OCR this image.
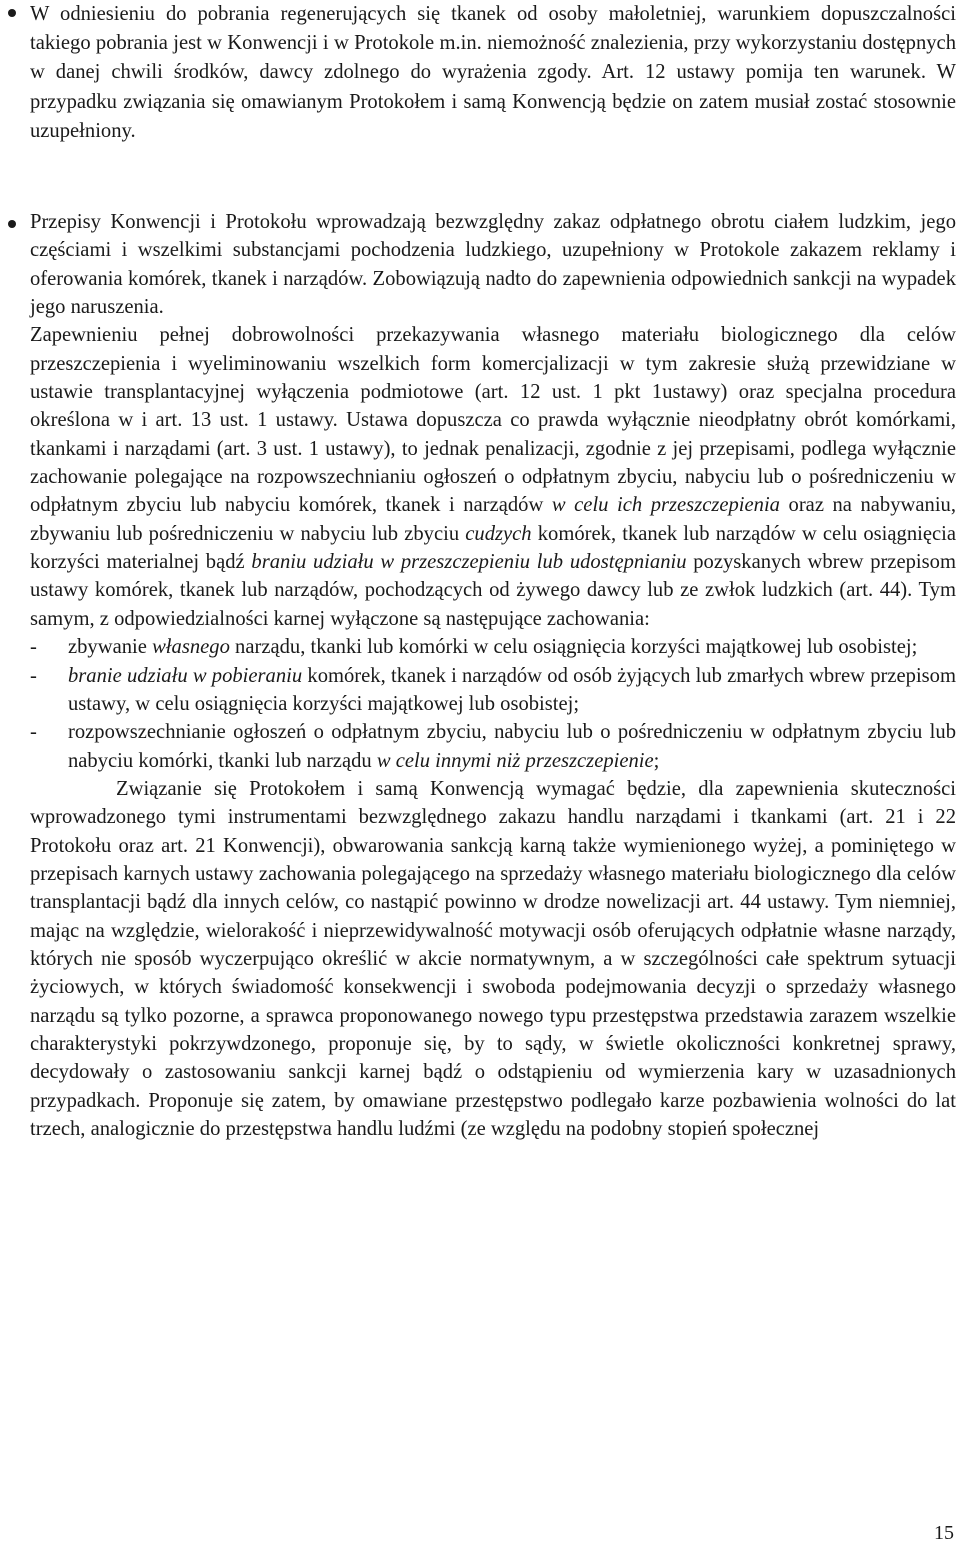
W odniesieniu do pobrania regenerujących się tkanek od osoby małoletniej, warunkiem dopuszczalności takiego pobrania jest w Konwencji i w Protokole m.in. niemożność znalezienia, przy wykorzystaniu dostępnych w danej chwili środków, dawcy zdolnego do wyrażenia zgody. Art. 12 ustawy pomija ten warunek. W przypadku związania się omawianym Protokołem i samą Konwencją będzie on zatem musiał zostać stosownie uzupełniony.

Przepisy Konwencji i Protokołu wprowadzają bezwzględny zakaz odpłatnego obrotu ciałem ludzkim, jego częściami i wszelkimi substancjami pochodzenia ludzkiego, uzupełniony w Protokole zakazem reklamy i oferowania komórek, tkanek i narządów. Zobowiązują nadto do zapewnienia odpowiednich sankcji na wypadek jego naruszenia.

Zapewnieniu pełnej dobrowolności przekazywania własnego materiału biologicznego dla celów przeszczepienia i wyeliminowaniu wszelkich form komercjalizacji w tym zakresie służą przewidziane w ustawie transplantacyjnej wyłączenia podmiotowe (art. 12 ust. 1 pkt 1ustawy) oraz specjalna procedura określona w i art. 13 ust. 1 ustawy. Ustawa dopuszcza co prawda wyłącznie nieodpłatny obrót komórkami, tkankami i narządami (art. 3 ust. 1 ustawy), to jednak penalizacji, zgodnie z jej przepisami, podlega wyłącznie zachowanie polegające na rozpowszechnianiu ogłoszeń o odpłatnym zbyciu, nabyciu lub o pośredniczeniu w odpłatnym zbyciu lub nabyciu komórek, tkanek i narządów w celu ich przeszczepienia oraz na nabywaniu, zbywaniu lub pośredniczeniu w nabyciu lub zbyciu cudzych komórek, tkanek lub narządów w celu osiągnięcia korzyści materialnej bądź braniu udziału w przeszczepieniu lub udostępnianiu pozyskanych wbrew przepisom ustawy komórek, tkanek lub narządów, pochodzących od żywego dawcy lub ze zwłok ludzkich (art. 44). Tym samym, z odpowiedzialności karnej wyłączone są następujące zachowania:

- zbywanie własnego narządu, tkanki lub komórki w celu osiągnięcia korzyści majątkowej lub osobistej;
- branie udziału w pobieraniu komórek, tkanek i narządów od osób żyjących lub zmarłych wbrew przepisom ustawy, w celu osiągnięcia korzyści majątkowej lub osobistej;
- rozpowszechnianie ogłoszeń o odpłatnym zbyciu, nabyciu lub o pośredniczeniu w odpłatnym zbyciu lub nabyciu komórki, tkanki lub narządu w celu innymi niż przeszczepienie;

Związanie się Protokołem i samą Konwencją wymagać będzie, dla zapewnienia skuteczności wprowadzonego tymi instrumentami bezwzględnego zakazu handlu narządami i tkankami (art. 21 i 22 Protokołu oraz art. 21 Konwencji), obwarowania sankcją karną także wymienionego wyżej, a pominiętego w przepisach karnych ustawy zachowania polegającego na sprzedaży własnego materiału biologicznego dla celów transplantacji bądź dla innych celów, co nastąpić powinno w drodze nowelizacji art. 44 ustawy. Tym niemniej, mając na względzie, wielorakość i nieprzewidywalność motywacji osób oferujących odpłatnie własne narządy, których nie sposób wyczerpująco określić w akcie normatywnym, a w szczególności całe spektrum sytuacji życiowych, w których świadomość konsekwencji i swoboda podejmowania decyzji o sprzedaży własnego narządu są tylko pozorne, a sprawca proponowanego nowego typu przestępstwa przedstawia zarazem wszelkie charakterystyki pokrzywdzonego, proponuje się, by to sądy, w świetle okoliczności konkretnej sprawy, decydowały o zastosowaniu sankcji karnej bądź o odstąpieniu od wymierzenia kary w uzasadnionych przypadkach. Proponuje się zatem, by omawiane przestępstwo podlegało karze pozbawienia wolności do lat trzech, analogicznie do przestępstwa handlu ludźmi (ze względu na podobny stopień społecznej

15
